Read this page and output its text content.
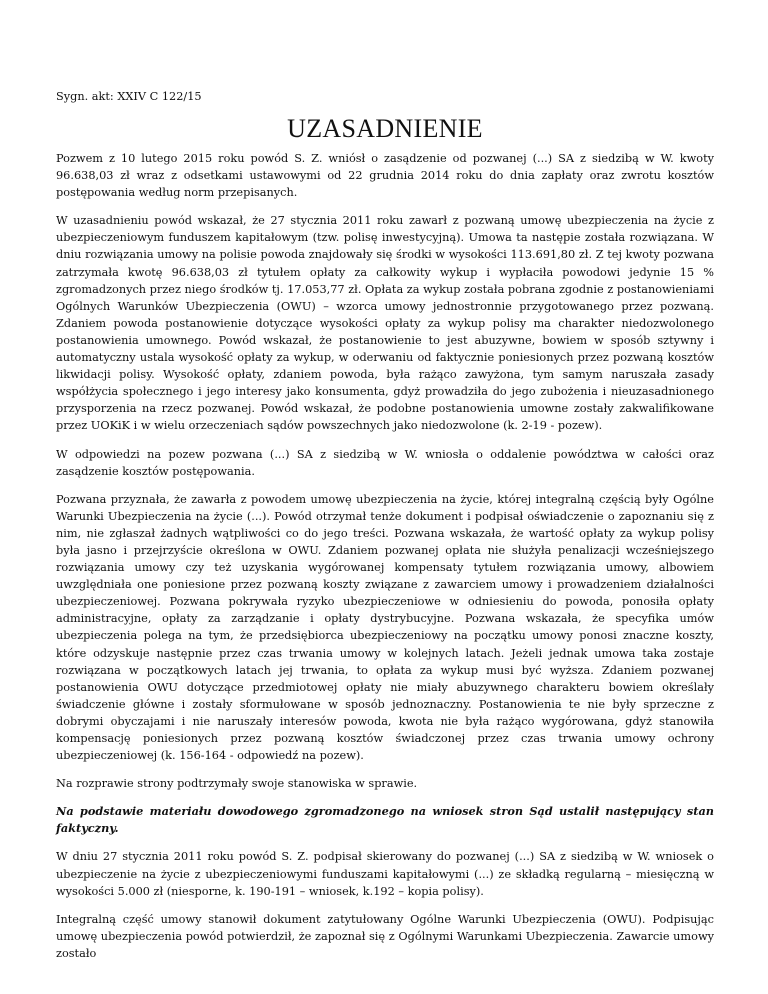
Sygn. akt: XXIV C 122/15
UZASADNIENIE

Pozwem z 10 lutego 2015 roku powód S. Z. wniósł o zasądzenie od pozwanej (...) SA z siedzibą w W. kwoty 96.638,03 zł wraz z odsetkami ustawowymi od 22 grudnia 2014 roku do dnia zapłaty oraz zwrotu kosztów postępowania według norm przepisanych.

W uzasadnieniu powód wskazał, że 27 stycznia 2011 roku zawarł z pozwaną umowę ubezpieczenia na życie z ubezpieczeniowym funduszem kapitałowym (tzw. polisę inwestycyjną). Umowa ta następie została rozwiązana. W dniu rozwiązania umowy na polisie powoda znajdowały się środki w wysokości 113.691,80 zł. Z tej kwoty pozwana zatrzymała kwotę 96.638,03 zł tytułem opłaty za całkowity wykup i wypłaciła powodowi jedynie 15 % zgromadzonych przez niego środków tj. 17.053,77 zł. Opłata za wykup została pobrana zgodnie z postanowieniami Ogólnych Warunków Ubezpieczenia (OWU) – wzorca umowy jednostronnie przygotowanego przez pozwaną. Zdaniem powoda postanowienie dotyczące wysokości opłaty za wykup polisy ma charakter niedozwolonego postanowienia umownego. Powód wskazał, że postanowienie to jest abuzywne, bowiem w sposób sztywny i automatyczny ustala wysokość opłaty za wykup, w oderwaniu od faktycznie poniesionych przez pozwaną kosztów likwidacji polisy. Wysokość opłaty, zdaniem powoda, była rażąco zawyżona, tym samym naruszała zasady współżycia społecznego i jego interesy jako konsumenta, gdyż prowadziła do jego zubożenia i nieuzasadnionego przysporzenia na rzecz pozwanej. Powód wskazał, że podobne postanowienia umowne zostały zakwalifikowane przez UOKiK i w wielu orzeczeniach sądów powszechnych jako niedozwolone (k. 2-19 - pozew).

W odpowiedzi na pozew pozwana (...) SA z siedzibą w W. wniosła o oddalenie powództwa w całości oraz zasądzenie kosztów postępowania.

Pozwana przyznała, że zawarła z powodem umowę ubezpieczenia na życie, której integralną częścią były Ogólne Warunki Ubezpieczenia na życie (...). Powód otrzymał tenże dokument i podpisał oświadczenie o zapoznaniu się z nim, nie zgłaszał żadnych wątpliwości co do jego treści. Pozwana wskazała, że wartość opłaty za wykup polisy była jasno i przejrzyście określona w OWU. Zdaniem pozwanej opłata nie służyła penalizacji wcześniejszego rozwiązania umowy czy też uzyskania wygórowanej kompensaty tytułem rozwiązania umowy, albowiem uwzględniała one poniesione przez pozwaną koszty związane z zawarciem umowy i prowadzeniem działalności ubezpieczeniowej. Pozwana pokrywała ryzyko ubezpieczeniowe w odniesieniu do powoda, ponosiła opłaty administracyjne, opłaty za zarządzanie i opłaty dystrybucyjne. Pozwana wskazała, że specyfika umów ubezpieczenia polega na tym, że przedsiębiorca ubezpieczeniowy na początku umowy ponosi znaczne koszty, które odzyskuje następnie przez czas trwania umowy w kolejnych latach. Jeżeli jednak umowa taka zostaje rozwiązana w początkowych latach jej trwania, to opłata za wykup musi być wyższa. Zdaniem pozwanej postanowienia OWU dotyczące przedmiotowej opłaty nie miały abuzywnego charakteru bowiem określały świadczenie główne i zostały sformułowane w sposób jednoznaczny. Postanowienia te nie były sprzeczne z dobrymi obyczajami i nie naruszały interesów powoda, kwota nie była rażąco wygórowana, gdyż stanowiła kompensację poniesionych przez pozwaną kosztów świadczonej przez czas trwania umowy ochrony ubezpieczeniowej (k. 156-164 - odpowiedź na pozew).

Na rozprawie strony podtrzymały swoje stanowiska w sprawie.

Na podstawie materiału dowodowego zgromadzonego na wniosek stron Sąd ustalił następujący stan faktyczny.

W dniu 27 stycznia 2011 roku powód S. Z. podpisał skierowany do pozwanej (...) SA z siedzibą w W. wniosek o ubezpieczenie na życie z ubezpieczeniowymi funduszami kapitałowymi (...) ze składką regularną – miesięczną w wysokości 5.000 zł (niesporne, k. 190-191 – wniosek, k.192 – kopia polisy).

Integralną część umowy stanowił dokument zatytułowany Ogólne Warunki Ubezpieczenia (OWU). Podpisując umowę ubezpieczenia powód potwierdził, że zapoznał się z Ogólnymi Warunkami Ubezpieczenia. Zawarcie umowy zostało
